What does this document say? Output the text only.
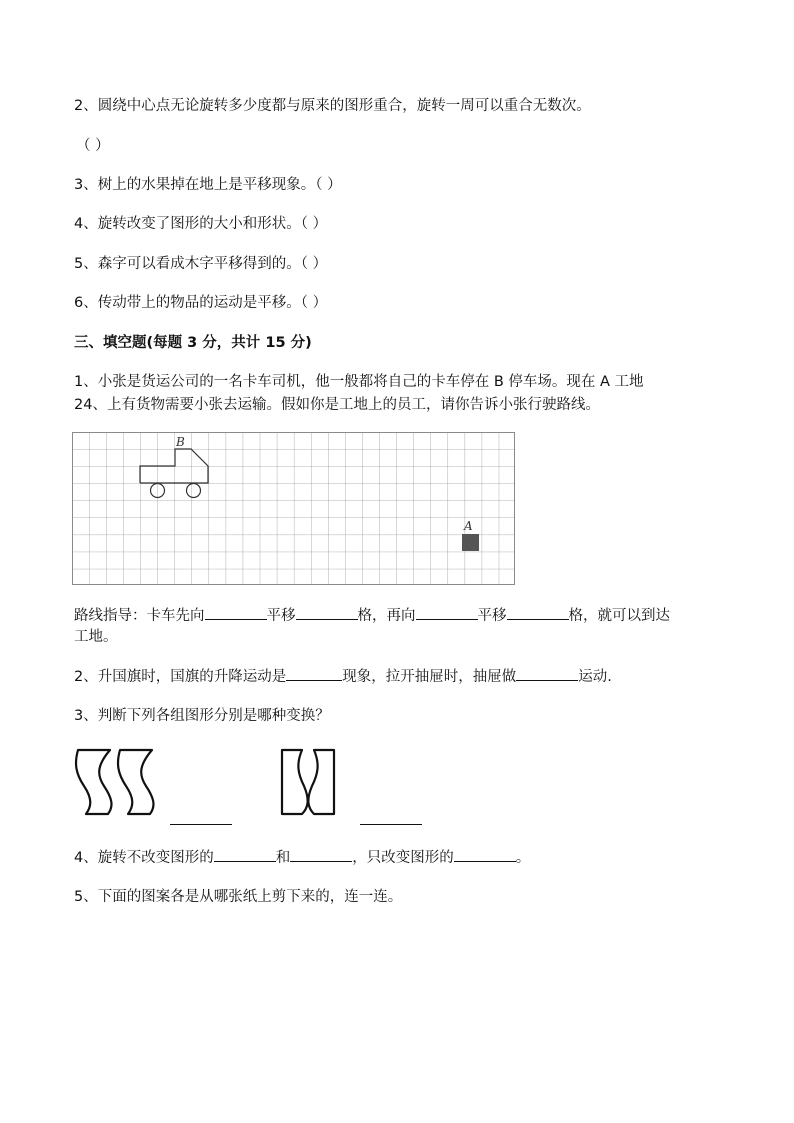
2、圆绕中心点无论旋转多少度都与原来的图形重合，旋转一周可以重合无数次。
（ ）
3、树上的水果掉在地上是平移现象。（ ）
4、旋转改变了图形的大小和形状。（ ）
5、森字可以看成木字平移得到的。（ ）
6、传动带上的物品的运动是平移。（ ）
三、填空题(每题 3 分，共计 15 分)
1、小张是货运公司的一名卡车司机，他一般都将自己的卡车停在 B 停车场。现在 A 工地
24、上有货物需要小张去运输。假如你是工地上的员工，请你告诉小张行驶路线。
B
A
路线指导：卡车先向	平移	格，再向	平移	格，就可以到达
工地。
2、升国旗时，国旗的升降运动是	现象，拉开抽屉时，抽屉做	运动.
3、判断下列各组图形分别是哪种变换？
4、旋转不改变图形的	和	，只改变图形的	。
5、下面的图案各是从哪张纸上剪下来的，连一连。
